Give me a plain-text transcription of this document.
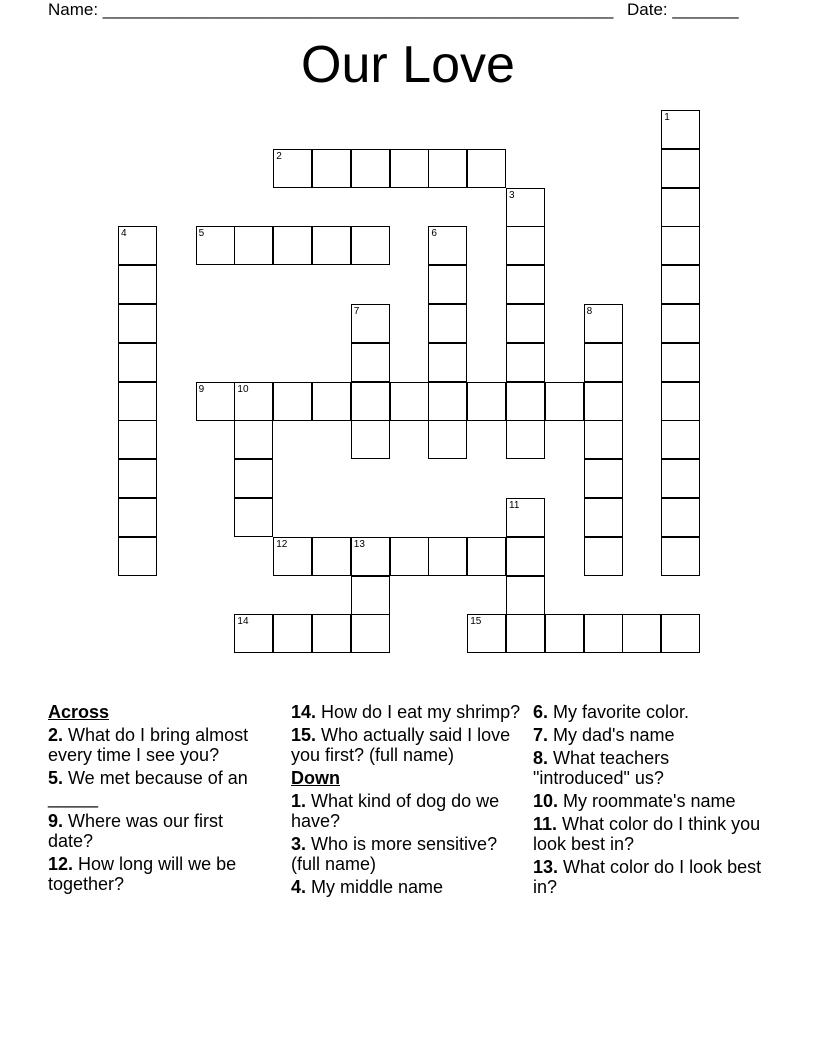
Name: ______________________________________________________ Date: _______
Our Love
1
2
3
4	5	6
7	8
9	10
11
12	13
14	15
Across
2. What do I bring almost every time I see you?
5. We met because of an _____
9. Where was our first date?
12. How long will we be together?
14. How do I eat my shrimp?
15. Who actually said I love you first? (full name)
Down
1. What kind of dog do we have?
3. Who is more sensitive? (full name)
4. My middle name
6. My favorite color.
7. My dad's name
8. What teachers "introduced" us?
10. My roommate's name
11. What color do I think you look best in?
13. What color do I look best in?
